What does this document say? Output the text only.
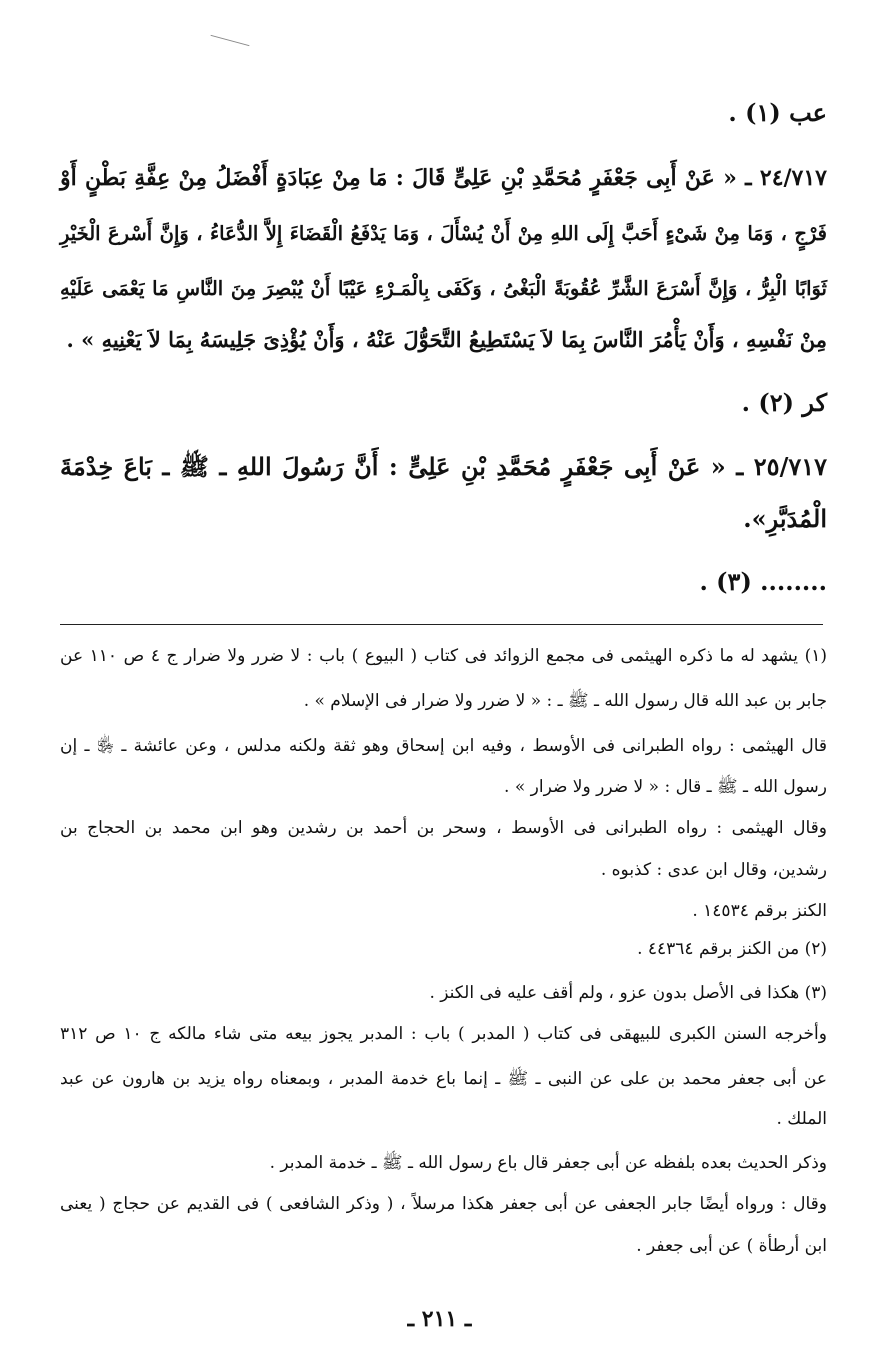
عب (١) .
٢٤/٧١٧ ـ « عَنْ أَبِى جَعْفَرٍ مُحَمَّدِ بْنِ عَلِىٍّ قَالَ : مَا مِنْ عِبَادَةٍ أَفْضَلُ مِنْ عِفَّةِ بَطْنٍ أَوْ
فَرْجٍ ، وَمَا مِنْ شَىْءٍ أَحَبَّ إِلَى اللهِ مِنْ أَنْ يُسْأَلَ ، وَمَا يَدْفَعُ الْقَضَاءَ إِلاَّ الدُّعَاءُ ، وَإِنَّ أَسْرعَ الْخَيْرِ
ثَوَابًا الْبِرُّ ، وَإِنَّ أَسْرَعَ الشَّرِّ عُقُوبَةً الْبَغْىُ ، وَكَفَى بِالْمَـرْءِ عَيْبًا أَنْ يُبْصِرَ مِنَ النَّاسِ مَا يَعْمَى عَلَيْهِ
مِنْ نَفْسِهِ ، وَأَنْ يَأْمُرَ النَّاسَ بِمَا لاَ يَسْتَطِيعُ التَّحَوُّلَ عَنْهُ ، وَأَنْ يُؤْذِىَ جَلِيسَهُ بِمَا لاَ يَعْنِيهِ » .
كر (٢) .
٢٥/٧١٧ ـ « عَنْ أَبِى جَعْفَرٍ مُحَمَّدِ بْنِ عَلِىٍّ : أَنَّ رَسُولَ اللهِ ـ ﷺ ـ بَاعَ خِدْمَةَ
الْمُدَبَّرِ».
........ (٣) .
(١) يشهد له ما ذكره الهيثمى فى مجمع الزوائد فى كتاب ( البيوع ) باب : لا ضرر ولا ضرار ج ٤ ص ١١٠ عن
جابر بن عبد الله قال رسول الله ـ ﷺ ـ : « لا ضرر ولا ضرار فى الإسلام » .
قال الهيثمى : رواه الطبرانى فى الأوسط ، وفيه ابن إسحاق وهو ثقة ولكنه مدلس ، وعن عائشة ـ ﵂ ـ إن
رسول الله ـ ﷺ ـ قال : « لا ضرر ولا ضرار » .
وقال الهيثمى : رواه الطبرانى فى الأوسط ، وسحر بن أحمد بن رشدين وهو ابن محمد بن الحجاج بن
رشدين، وقال ابن عدى : كذبوه .
الكنز برقم ١٤٥٣٤ .
(٢) من الكنز برقم ٤٤٣٦٤ .
(٣) هكذا فى الأصل بدون عزو ، ولم أقف عليه فى الكنز .
وأخرجه السنن الكبرى للبيهقى فى كتاب ( المدبر ) باب : المدبر يجوز بيعه متى شاء مالكه ج ١٠ ص ٣١٢
عن أبى جعفر محمد بن على عن النبى ـ ﷺ ـ إنما باع خدمة المدبر ، وبمعناه رواه يزيد بن هارون عن عبد
الملك .
وذكر الحديث بعده بلفظه عن أبى جعفر قال باع رسول الله ـ ﷺ ـ خدمة المدبر .
وقال : ورواه أيضًا جابر الجعفى عن أبى جعفر هكذا مرسلاً ، ( وذكر الشافعى ) فى القديم عن حجاج ( يعنى
ابن أرطأة ) عن أبى جعفر .
ـ ٢١١ ـ
